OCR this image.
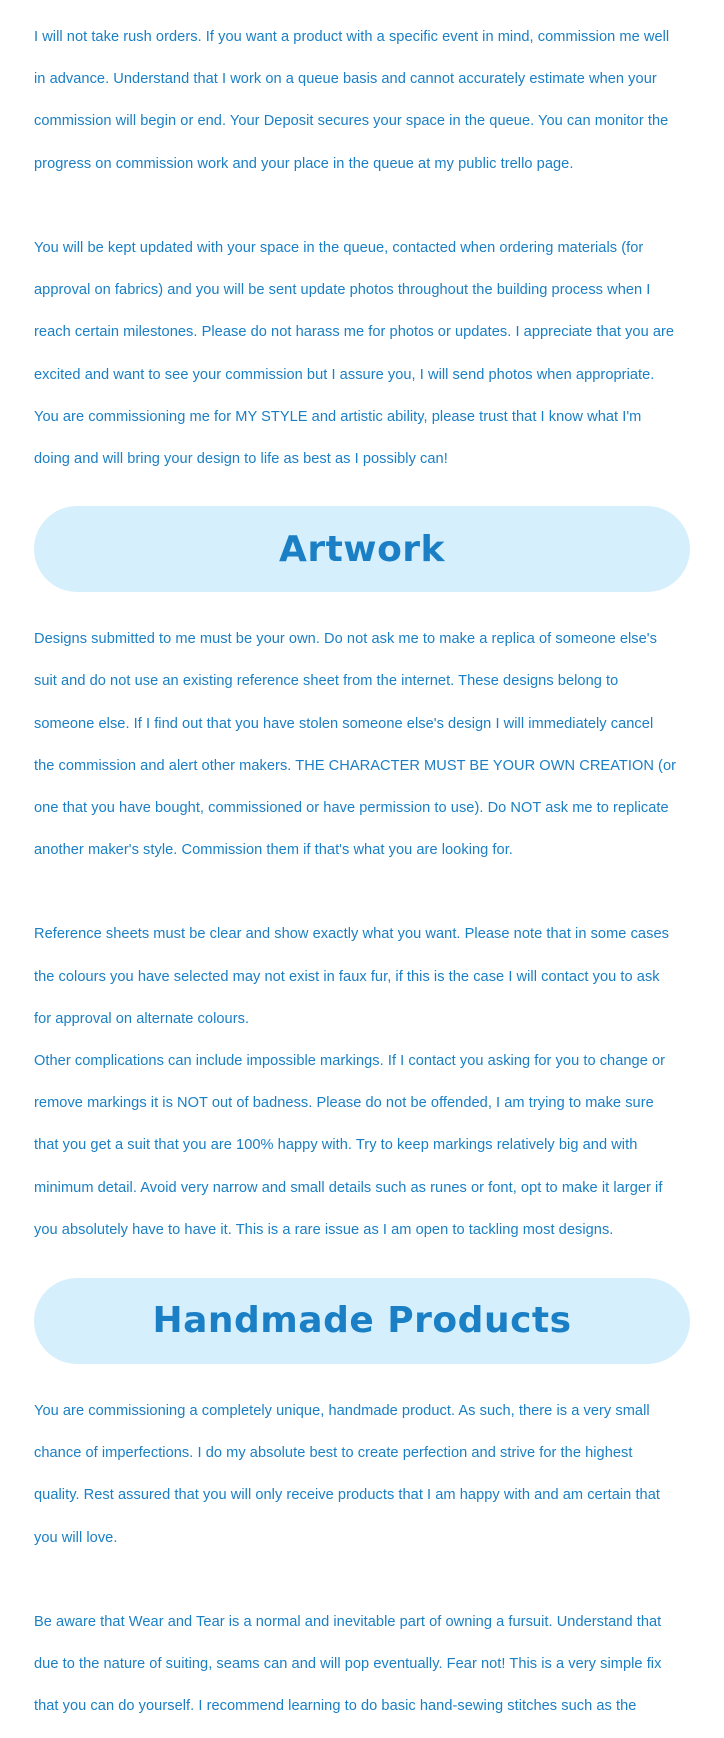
I will not take rush orders. If you want a product with a specific event in mind, commission me well

in advance. Understand that I work on a queue basis and cannot accurately estimate when your

commission will begin or end. Your Deposit secures your space in the queue. You can monitor the

progress on commission work and your place in the queue at my public trello page.

You will be kept updated with your space in the queue, contacted when ordering materials (for

approval on fabrics) and you will be sent update photos throughout the building process when I

reach certain milestones. Please do not harass me for photos or updates. I appreciate that you are

excited and want to see your commission but I assure you, I will send photos when appropriate.

You are commissioning me for MY STYLE and artistic ability, please trust that I know what I'm

doing and will bring your design to life as best as I possibly can!

Artwork

Designs submitted to me must be your own. Do not ask me to make a replica of someone else's

suit and do not use an existing reference sheet from the internet. These designs belong to

someone else. If I find out that you have stolen someone else's design I will immediately cancel

the commission and alert other makers. THE CHARACTER MUST BE YOUR OWN CREATION (or

one that you have bought, commissioned or have permission to use). Do NOT ask me to replicate

another maker's style. Commission them if that's what you are looking for.

Reference sheets must be clear and show exactly what you want. Please note that in some cases

the colours you have selected may not exist in faux fur, if this is the case I will contact you to ask

for approval on alternate colours.

Other complications can include impossible markings. If I contact you asking for you to change or

remove markings it is NOT out of badness. Please do not be offended, I am trying to make sure

that you get a suit that you are 100% happy with. Try to keep markings relatively big and with

minimum detail. Avoid very narrow and small details such as runes or font, opt to make it larger if

you absolutely have to have it. This is a rare issue as I am open to tackling most designs.

Handmade Products

You are commissioning a completely unique, handmade product. As such, there is a very small

chance of imperfections. I do my absolute best to create perfection and strive for the highest

quality. Rest assured that you will only receive products that I am happy with and am certain that

you will love.

Be aware that Wear and Tear is a normal and inevitable part of owning a fursuit. Understand that

due to the nature of suiting, seams can and will pop eventually. Fear not! This is a very simple fix

that you can do yourself. I recommend learning to do basic hand-sewing stitches such as the
